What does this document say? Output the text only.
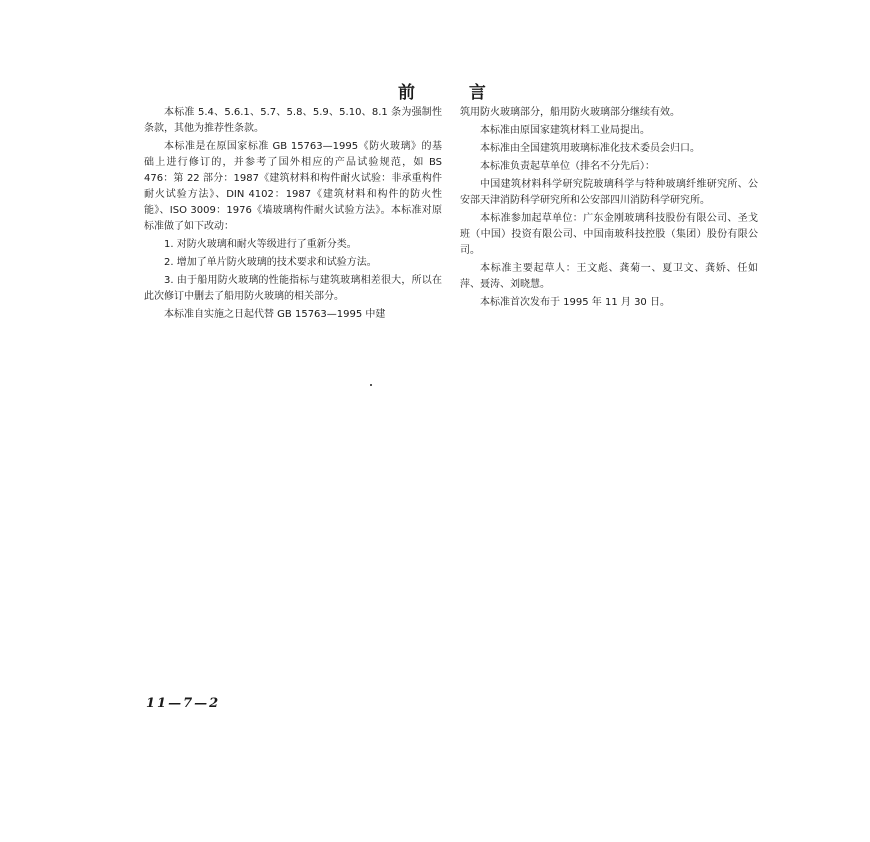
前 言

本标准 5.4、5.6.1、5.7、5.8、5.9、5.10、8.1 条为强制性条款，其他为推荐性条款。

本标准是在原国家标准 GB 15763—1995《防火玻璃》的基础上进行修订的，并参考了国外相应的产品试验规范，如 BS 476：第 22 部分：1987《建筑材料和构件耐火试验：非承重构件耐火试验方法》、DIN 4102：1987《建筑材料和构件的防火性能》、ISO 3009：1976《墙玻璃构件耐火试验方法》。本标准对原标准做了如下改动：

1. 对防火玻璃和耐火等级进行了重新分类。

2. 增加了单片防火玻璃的技术要求和试验方法。

3. 由于船用防火玻璃的性能指标与建筑玻璃相差很大，所以在此次修订中删去了船用防火玻璃的相关部分。

本标准自实施之日起代替 GB 15763—1995 中建

筑用防火玻璃部分，船用防火玻璃部分继续有效。

本标准由原国家建筑材料工业局提出。

本标准由全国建筑用玻璃标准化技术委员会归口。

本标准负责起草单位（排名不分先后）：

中国建筑材料科学研究院玻璃科学与特种玻璃纤维研究所、公安部天津消防科学研究所和公安部四川消防科学研究所。

本标准参加起草单位：广东金刚玻璃科技股份有限公司、圣戈班（中国）投资有限公司、中国南玻科技控股（集团）股份有限公司。

本标准主要起草人：王文彪、龚菊一、夏卫文、龚娇、任如萍、聂涛、刘晓慧。

本标准首次发布于 1995 年 11 月 30 日。

11—7—2
